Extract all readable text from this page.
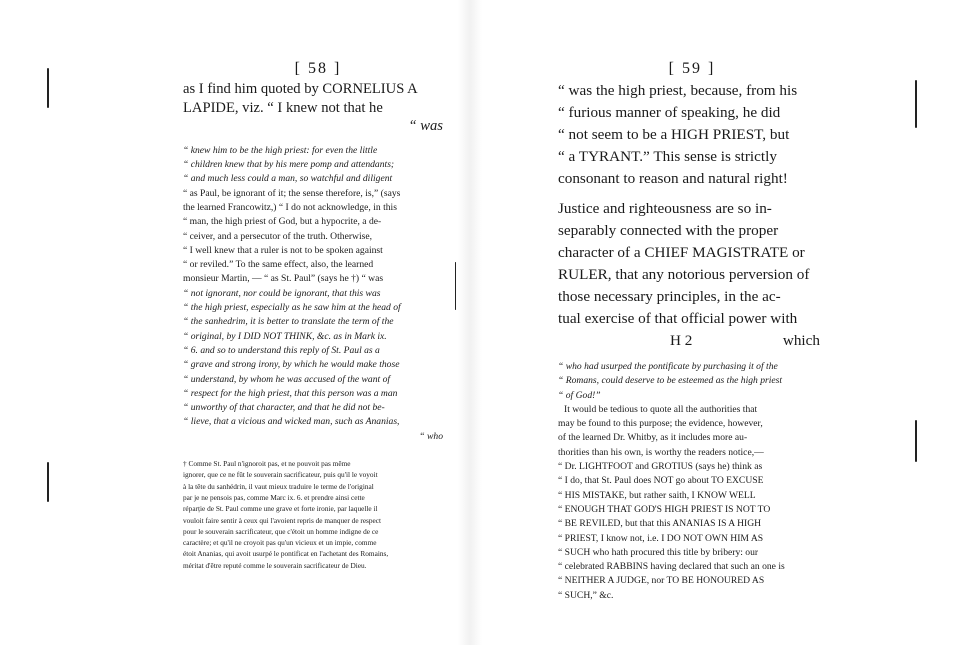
[ 58 ]
as I find him quoted by CORNELIUS A
LAPIDE, viz. “ I knew not that he
“ was
“ knew him to be the high priest: for even the little
“ children knew that by his mere pomp and attendants;
“ and much less could a man, so watchful and diligent
“ as Paul, be ignorant of it; the sense therefore, is,” (says
the learned Francowitz,) “ I do not acknowledge, in this
“ man, the high priest of God, but a hypocrite, a de-
“ ceiver, and a persecutor of the truth. Otherwise,
“ I well knew that a ruler is not to be spoken against
“ or reviled.” To the same effect, also, the learned
monsieur Martin, — “ as St. Paul” (says he †) “ was
“ not ignorant, nor could be ignorant, that this was
“ the high priest, especially as he saw him at the head of
“ the sanhedrim, it is better to translate the term of the
“ original, by I DID NOT THINK, &c. as in Mark ix.
“ 6. and so to understand this reply of St. Paul as a
“ grave and strong irony, by which he would make those
“ understand, by whom he was accused of the want of
“ respect for the high priest, that this person was a man
“ unworthy of that character, and that he did not be-
“ lieve, that a vicious and wicked man, such as Ananias,
“ who
† Comme St. Paul n'ignoroit pas, et ne pouvoit pas même
ignorer, que ce ne fût le souverain sacrificateur, puis qu'il le voyoit
à la tête du sanhédrin, il vaut mieux traduire le terme de l'original
par je ne pensois pas, comme Marc ix. 6. et prendre ainsi cette
réparție de St. Paul comme une grave et forte ironie, par laquelle il
vouloit faire sentir à ceux qui l'avoient repris de manquer de respect
pour le souverain sacrificateur, que c'étoit un homme indigne de ce
caractère; et qu'il ne croyoit pas qu'un vicieux et un impie, comme
étoit Ananias, qui avoit usurpé le pontificat en l'achetant des Romains,
méritat d'être reputé comme le souverain sacrificateur de Dieu.
[ 59 ]
“ was the high priest, because, from his
“ furious manner of speaking, he did
“ not seem to be a HIGH PRIEST, but
“ a TYRANT.” This sense is strictly
consonant to reason and natural right!
Justice and righteousness are so in-
separably connected with the proper
character of a CHIEF MAGISTRATE or
RULER, that any notorious perversion of
those necessary principles, in the ac-
tual exercise of that official power with
H 2	which
“ who had usurped the pontificate by purchasing it of the
“ Romans, could deserve to be esteemed as the high priest
“ of God!”
It would be tedious to quote all the authorities that
may be found to this purpose; the evidence, however,
of the learned Dr. Whitby, as it includes more au-
thorities than his own, is worthy the readers notice,—
“ Dr. LIGHTFOOT and GROTIUS (says he) think as
“ I do, that St. Paul does NOT go about TO EXCUSE
“ HIS MISTAKE, but rather saith, I KNOW WELL
“ ENOUGH THAT GOD'S HIGH PRIEST IS NOT TO
“ BE REVILED, but that this ANANIAS IS A HIGH
“ PRIEST, I know not, i.e. I DO NOT OWN HIM AS
“ SUCH who hath procured this title by bribery: our
“ celebrated RABBINS having declared that such an one is
“ NEITHER A JUDGE, nor TO BE HONOURED AS
“ SUCH,” &c.
